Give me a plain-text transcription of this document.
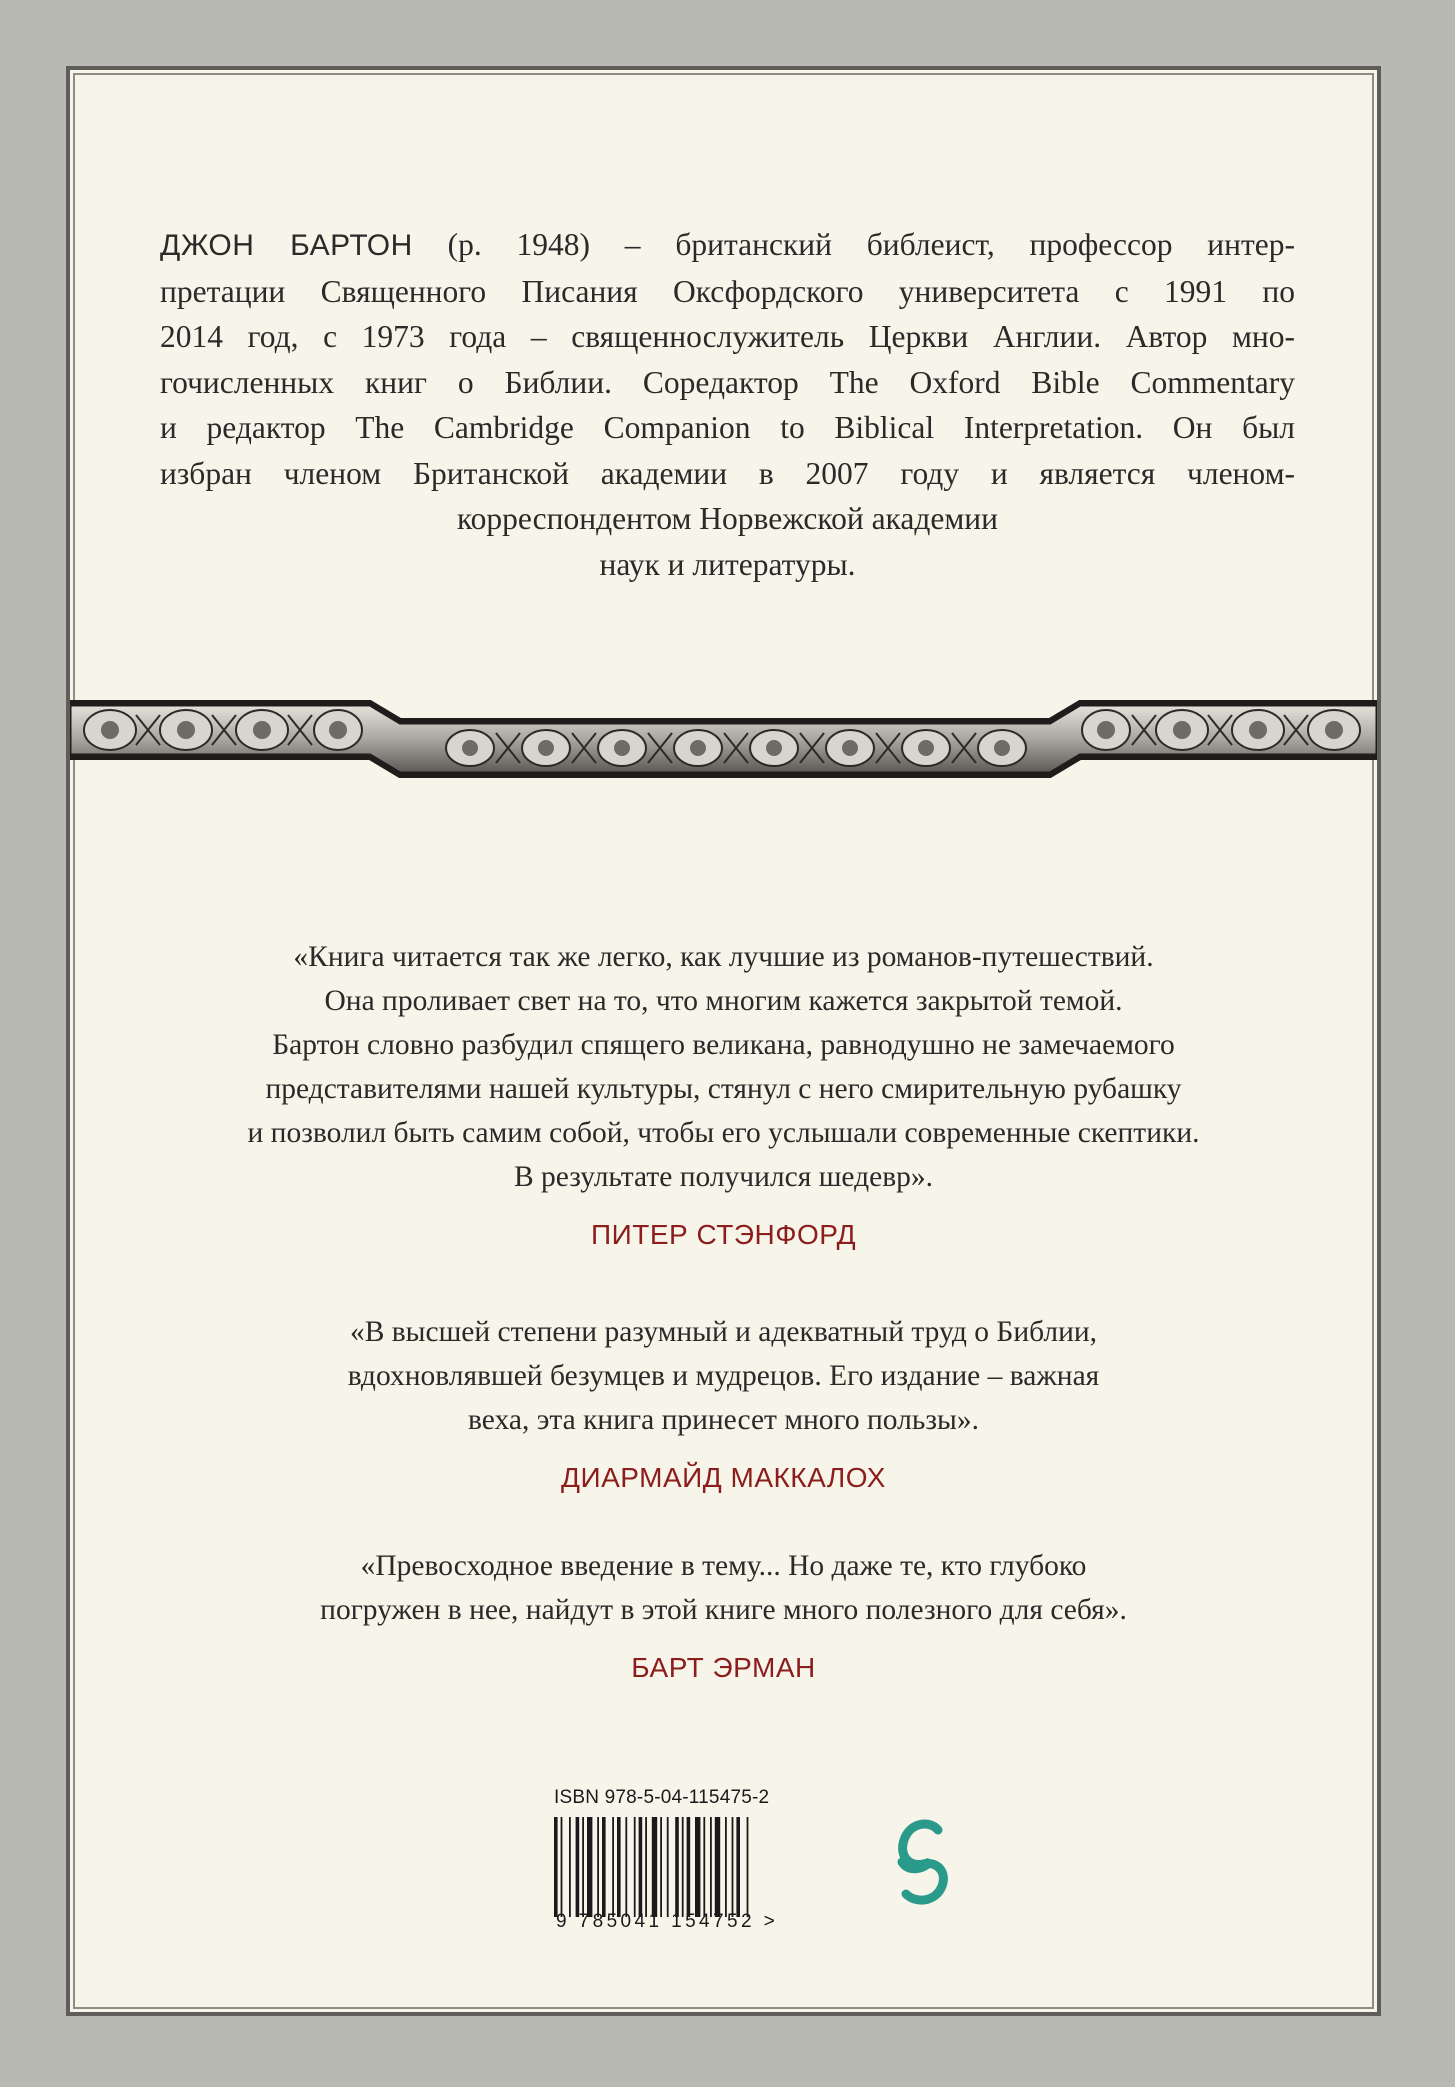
ДЖОН БАРТОН (р. 1948) – британский библеист, профессор интер-
претации Священного Писания Оксфордского университета с 1991 по
2014 год, с 1973 года – священнослужитель Церкви Англии. Автор мно-
гочисленных книг о Библии. Соредактор The Oxford Bible Commentary
и редактор The Cambridge Companion to Biblical Interpretation. Он был
избран членом Британской академии в 2007 году и является членом-
корреспондентом Норвежской академии
наук и литературы.
«Книга читается так же легко, как лучшие из романов-путешествий.
Она проливает свет на то, что многим кажется закрытой темой.
Бартон словно разбудил спящего великана, равнодушно не замечаемого
представителями нашей культуры, стянул с него смирительную рубашку
и позволил быть самим собой, чтобы его услышали современные скептики.
В результате получился шедевр».
ПИТЕР СТЭНФОРД
«В высшей степени разумный и адекватный труд о Библии,
вдохновлявшей безумцев и мудрецов. Его издание – важная
веха, эта книга принесет много пользы».
ДИАРМАЙД МАККАЛОХ
«Превосходное введение в тему... Но даже те, кто глубоко
погружен в нее, найдут в этой книге много полезного для себя».
БАРТ ЭРМАН
ISBN 978-5-04-115475-2
9 785041 154752 >
